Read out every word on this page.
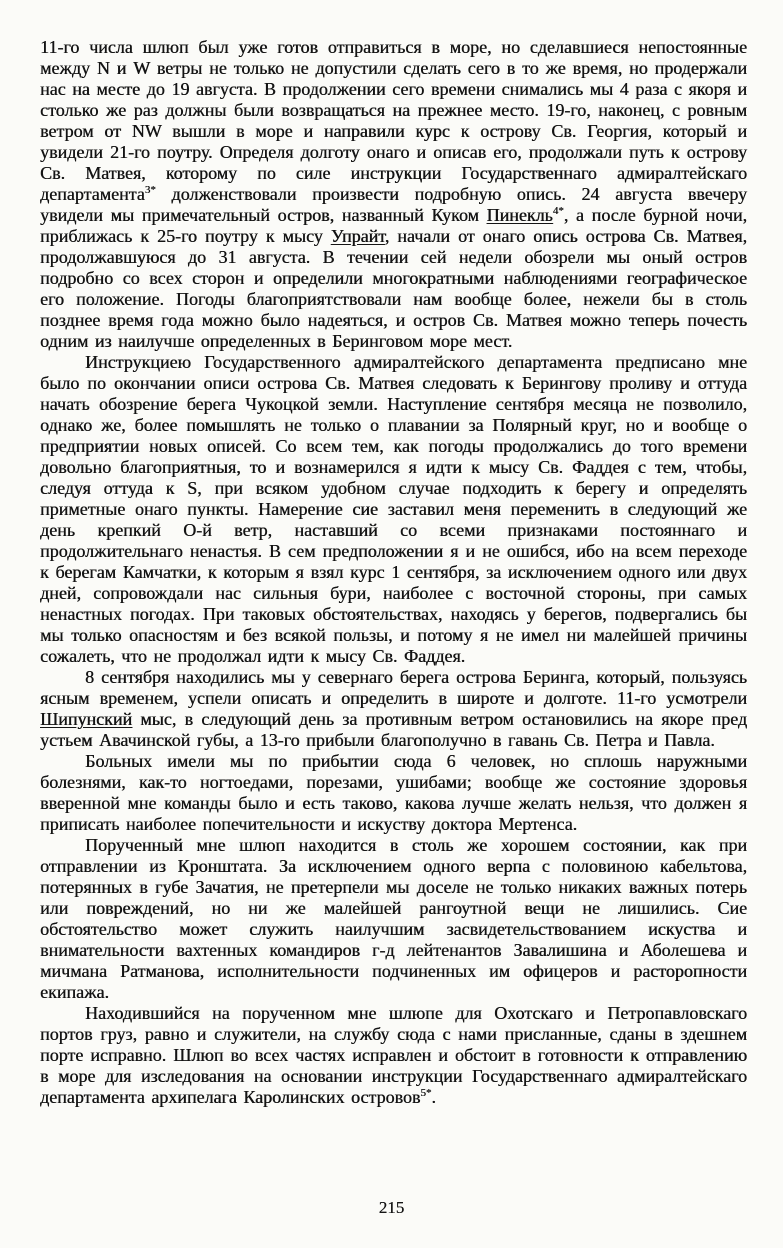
11-го числа шлюп был уже готов отправиться в море, но сделавшиеся непостоянные между N и W ветры не только не допустили сделать сего в то же время, но продержали нас на месте до 19 августа. В продолжении сего времени снимались мы 4 раза с якоря и столько же раз должны были возвращаться на прежнее место. 19-го, наконец, с ровным ветром от NW вышли в море и направили курс к острову Св. Георгия, который и увидели 21-го поутру. Определя долготу онаго и описав его, продолжали путь к острову Св. Матвея, которому по силе инструкции Государственнаго адмиралтейскаго департамента$^{3*}$ долженствовали произвести подробную опись. 24 августа ввечеру увидели мы примечательный остров, названный Куком Пинекль$^{4*}$, а после бурной ночи, приближась к 25-го поутру к мысу Упрайт, начали от онаго опись острова Св. Матвея, продолжавшуюся до 31 августа. В течении сей недели обозрели мы оный остров подробно со всех сторон и определили многократными наблюдениями географическое его положение. Погоды благоприятствовали нам вообще более, нежели бы в столь позднее время года можно было надеяться, и остров Св. Матвея можно теперь почесть одним из наилучше определенных в Беринговом море мест.

Инструкциею Государственного адмиралтейского департамента предписано мне было по окончании описи острова Св. Матвея следовать к Берингову проливу и оттуда начать обозрение берега Чукоцкой земли. Наступление сентября месяца не позволило, однако же, более помышлять не только о плавании за Полярный круг, но и вообще о предприятии новых описей. Со всем тем, как погоды продолжались до того времени довольно благоприятныя, то и вознамерился я идти к мысу Св. Фаддея с тем, чтобы, следуя оттуда к S, при всяком удобном случае подходить к берегу и определять приметные онаго пункты. Намерение сие заставил меня переменить в следующий же день крепкий О-й ветр, наставший со всеми признаками постояннаго и продолжительнаго ненастья. В сем предположении я и не ошибся, ибо на всем переходе к берегам Камчатки, к которым я взял курс 1 сентября, за исключением одного или двух дней, сопровождали нас сильныя бури, наиболее с восточной стороны, при самых ненастных погодах. При таковых обстоятельствах, находясь у берегов, подвергались бы мы только опасностям и без всякой пользы, и потому я не имел ни малейшей причины сожалеть, что не продолжал идти к мысу Св. Фаддея.

8 сентября находились мы у севернаго берега острова Беринга, который, пользуясь ясным временем, успели описать и определить в широте и долготе. 11-го усмотрели Шипунский мыс, в следующий день за противным ветром остановились на якоре пред устьем Авачинской губы, а 13-го прибыли благополучно в гавань Св. Петра и Павла.

Больных имели мы по прибытии сюда 6 человек, но сплошь наружными болезнями, как-то ногтоедами, порезами, ушибами; вообще же состояние здоровья вверенной мне команды было и есть таково, какова лучше желать нельзя, что должен я приписать наиболее попечительности и искуству доктора Мертенса.

Порученный мне шлюп находится в столь же хорошем состоянии, как при отправлении из Кронштата. За исключением одного верпа с половиною кабельтова, потерянных в губе Зачатия, не претерпели мы доселе не только никаких важных потерь или повреждений, но ни же малейшей рангоутной вещи не лишились. Сие обстоятельство может служить наилучшим засвидетельствованием искуства и внимательности вахтенных командиров г-д лейтенантов Завалишина и Аболешева и мичмана Ратманова, исполнительности подчиненных им офицеров и расторопности екипажа.

Находившийся на порученном мне шлюпе для Охотскаго и Петропавловскаго портов груз, равно и служители, на службу сюда с нами присланные, сданы в здешнем порте исправно. Шлюп во всех частях исправлен и обстоит в готовности к отправлению в море для изследования на основании инструкции Государственнаго адмиралтейскаго департамента архипелага Каролинских островов$^{5*}$.

215
